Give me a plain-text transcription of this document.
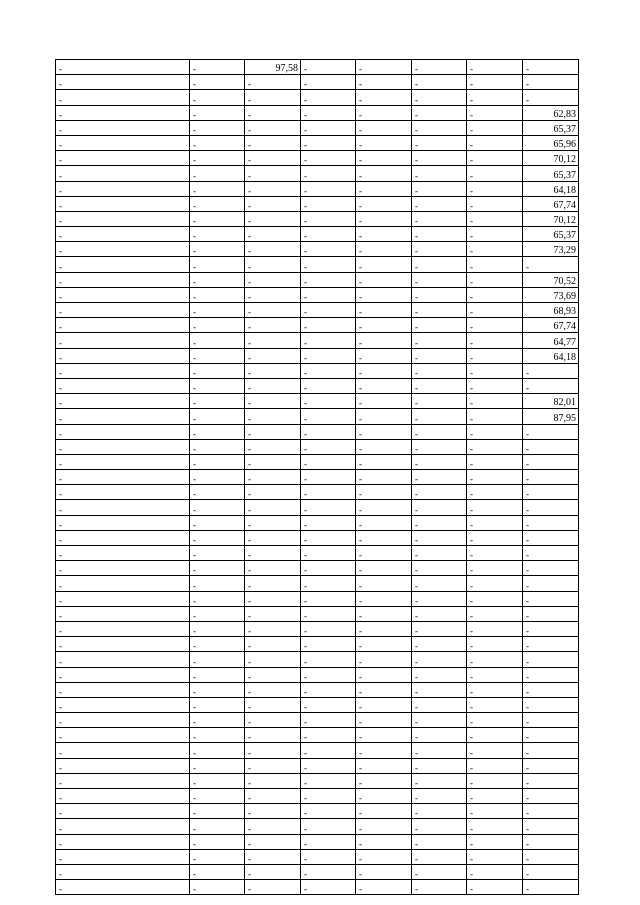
-	-	97,58	-	-	-	-	-
-	-	-	-	-	-	-	-
-	-	-	-	-	-	-	-
-	-	-	-	-	-	-	62,83
-	-	-	-	-	-	-	65,37
-	-	-	-	-	-	-	65,96
-	-	-	-	-	-	-	70,12
-	-	-	-	-	-	-	65,37
-	-	-	-	-	-	-	64,18
-	-	-	-	-	-	-	67,74
-	-	-	-	-	-	-	70,12
-	-	-	-	-	-	-	65,37
-	-	-	-	-	-	-	73,29
-	-	-	-	-	-	-	-
-	-	-	-	-	-	-	70,52
-	-	-	-	-	-	-	73,69
-	-	-	-	-	-	-	68,93
-	-	-	-	-	-	-	67,74
-	-	-	-	-	-	-	64,77
-	-	-	-	-	-	-	64,18
-	-	-	-	-	-	-	-
-	-	-	-	-	-	-	-
-	-	-	-	-	-	-	82,01
-	-	-	-	-	-	-	87,95
-	-	-	-	-	-	-	-
-	-	-	-	-	-	-	-
-	-	-	-	-	-	-	-
-	-	-	-	-	-	-	-
-	-	-	-	-	-	-	-
-	-	-	-	-	-	-	-
-	-	-	-	-	-	-	-
-	-	-	-	-	-	-	-
-	-	-	-	-	-	-	-
-	-	-	-	-	-	-	-
-	-	-	-	-	-	-	-
-	-	-	-	-	-	-	-
-	-	-	-	-	-	-	-
-	-	-	-	-	-	-	-
-	-	-	-	-	-	-	-
-	-	-	-	-	-	-	-
-	-	-	-	-	-	-	-
-	-	-	-	-	-	-	-
-	-	-	-	-	-	-	-
-	-	-	-	-	-	-	-
-	-	-	-	-	-	-	-
-	-	-	-	-	-	-	-
-	-	-	-	-	-	-	-
-	-	-	-	-	-	-	-
-	-	-	-	-	-	-	-
-	-	-	-	-	-	-	-
-	-	-	-	-	-	-	-
-	-	-	-	-	-	-	-
-	-	-	-	-	-	-	-
-	-	-	-	-	-	-	-
-	-	-	-	-	-	-	-
